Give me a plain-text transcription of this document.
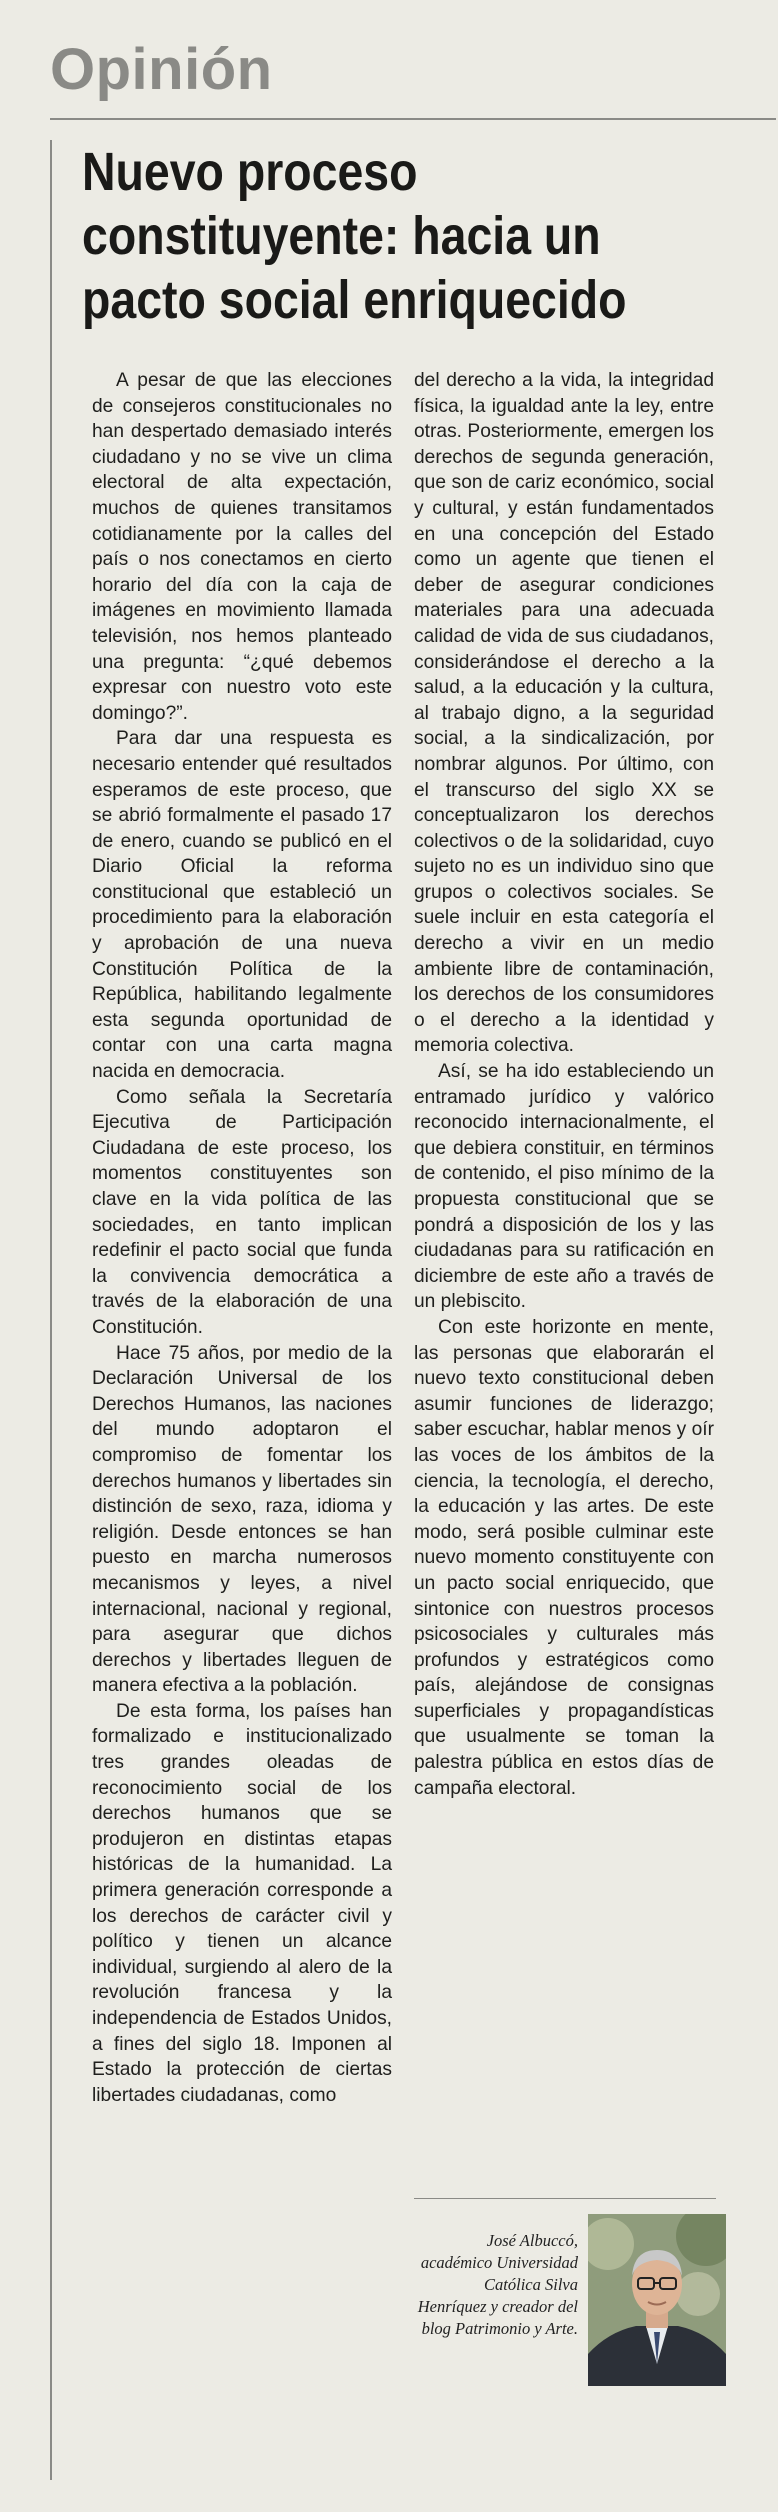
Opinión
Nuevo proceso constituyente: hacia un pacto social enriquecido

A pesar de que las elecciones de consejeros constitucionales no han despertado demasiado interés ciudadano y no se vive un clima electoral de alta expectación, muchos de quienes transitamos cotidianamente por la calles del país o nos conectamos en cierto horario del día con la caja de imágenes en movimiento llamada televisión, nos hemos planteado una pregunta: “¿qué debemos expresar con nuestro voto este domingo?”.

Para dar una respuesta es necesario entender qué resultados esperamos de este proceso, que se abrió formalmente el pasado 17 de enero, cuando se publicó en el Diario Oficial la reforma constitucional que estableció un procedimiento para la elaboración y aprobación de una nueva Constitución Política de la República, habilitando legalmente esta segunda oportunidad de contar con una carta magna nacida en democracia.

Como señala la Secretaría Ejecutiva de Participación Ciudadana de este proceso, los momentos constituyentes son clave en la vida política de las sociedades, en tanto implican redefinir el pacto social que funda la convivencia democrática a través de la elaboración de una Constitución.

Hace 75 años, por medio de la Declaración Universal de los Derechos Humanos, las naciones del mundo adoptaron el compromiso de fomentar los derechos humanos y libertades sin distinción de sexo, raza, idioma y religión. Desde entonces se han puesto en marcha numerosos mecanismos y leyes, a nivel internacional, nacional y regional, para asegurar que dichos derechos y libertades lleguen de manera efectiva a la población.

De esta forma, los países han formalizado e institucionalizado tres grandes oleadas de reconocimiento social de los derechos humanos que se produjeron en distintas etapas históricas de la humanidad. La primera generación corresponde a los derechos de carácter civil y político y tienen un alcance individual, surgiendo al alero de la revolución francesa y la independencia de Estados Unidos, a fines del siglo 18. Imponen al Estado la protección de ciertas libertades ciudadanas, como

del derecho a la vida, la integridad física, la igualdad ante la ley, entre otras. Posteriormente, emergen los derechos de segunda generación, que son de cariz económico, social y cultural, y están fundamentados en una concepción del Estado como un agente que tienen el deber de asegurar condiciones materiales para una adecuada calidad de vida de sus ciudadanos, considerándose el derecho a la salud, a la educación y la cultura, al trabajo digno, a la seguridad social, a la sindicalización, por nombrar algunos. Por último, con el transcurso del siglo XX se conceptualizaron los derechos colectivos o de la solidaridad, cuyo sujeto no es un individuo sino que grupos o colectivos sociales. Se suele incluir en esta categoría el derecho a vivir en un medio ambiente libre de contaminación, los derechos de los consumidores o el derecho a la identidad y memoria colectiva.

Así, se ha ido estableciendo un entramado jurídico y valórico reconocido internacionalmente, el que debiera constituir, en términos de contenido, el piso mínimo de la propuesta constitucional que se pondrá a disposición de los y las ciudadanas para su ratificación en diciembre de este año a través de un plebiscito.

Con este horizonte en mente, las personas que elaborarán el nuevo texto constitucional deben asumir funciones de liderazgo; saber escuchar, hablar menos y oír las voces de los ámbitos de la ciencia, la tecnología, el derecho, la educación y las artes. De este modo, será posible culminar este nuevo momento constituyente con un pacto social enriquecido, que sintonice con nuestros procesos psicosociales y culturales más profundos y estratégicos como país, alejándose de consignas superficiales y propagandísticas que usualmente se toman la palestra pública en estos días de campaña electoral.

José Albuccó, académico Universidad Católica Silva Henríquez y creador del blog Patrimonio y Arte.
